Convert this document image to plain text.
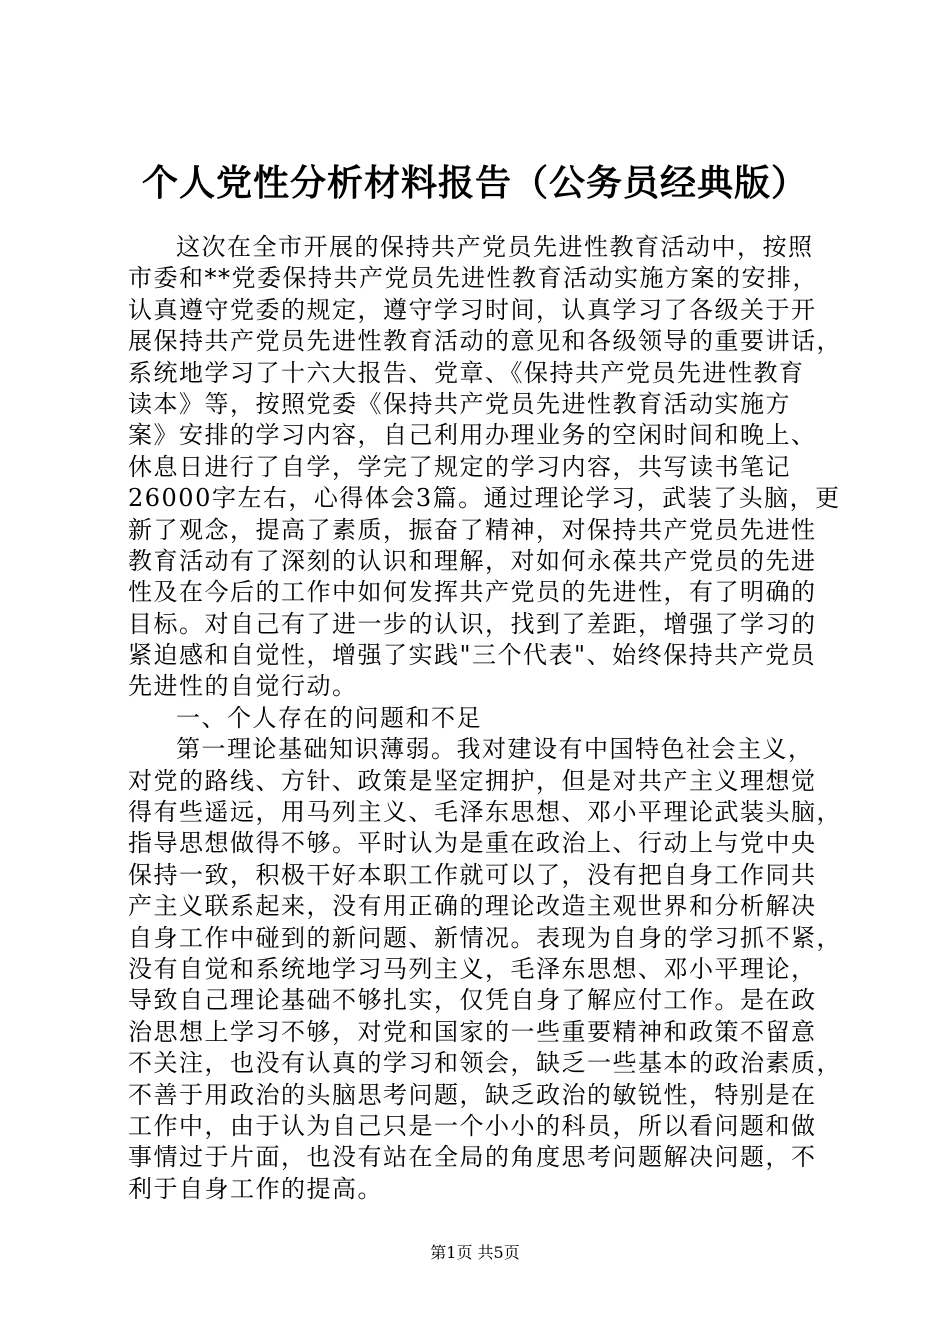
个人党性分析材料报告（公务员经典版）
这次在全市开展的保持共产党员先进性教育活动中，按照
市委和**党委保持共产党员先进性教育活动实施方案的安排，
认真遵守党委的规定，遵守学习时间，认真学习了各级关于开
展保持共产党员先进性教育活动的意见和各级领导的重要讲话，
系统地学习了十六大报告、党章、《保持共产党员先进性教育
读本》等，按照党委《保持共产党员先进性教育活动实施方
案》安排的学习内容，自己利用办理业务的空闲时间和晚上、
休息日进行了自学，学完了规定的学习内容，共写读书笔记
26000字左右，心得体会3篇。通过理论学习，武装了头脑，更
新了观念，提高了素质，振奋了精神，对保持共产党员先进性
教育活动有了深刻的认识和理解，对如何永葆共产党员的先进
性及在今后的工作中如何发挥共产党员的先进性，有了明确的
目标。对自己有了进一步的认识，找到了差距，增强了学习的
紧迫感和自觉性，增强了实践"三个代表"、始终保持共产党员
先进性的自觉行动。
一、个人存在的问题和不足
第一理论基础知识薄弱。我对建设有中国特色社会主义，
对党的路线、方针、政策是坚定拥护，但是对共产主义理想觉
得有些遥远，用马列主义、毛泽东思想、邓小平理论武装头脑，
指导思想做得不够。平时认为是重在政治上、行动上与党中央
保持一致，积极干好本职工作就可以了，没有把自身工作同共
产主义联系起来，没有用正确的理论改造主观世界和分析解决
自身工作中碰到的新问题、新情况。表现为自身的学习抓不紧，
没有自觉和系统地学习马列主义，毛泽东思想、邓小平理论，
导致自己理论基础不够扎实，仅凭自身了解应付工作。是在政
治思想上学习不够，对党和国家的一些重要精神和政策不留意
不关注，也没有认真的学习和领会，缺乏一些基本的政治素质，
不善于用政治的头脑思考问题，缺乏政治的敏锐性，特别是在
工作中，由于认为自己只是一个小小的科员，所以看问题和做
事情过于片面，也没有站在全局的角度思考问题解决问题，不
利于自身工作的提高。
第1页 共5页
